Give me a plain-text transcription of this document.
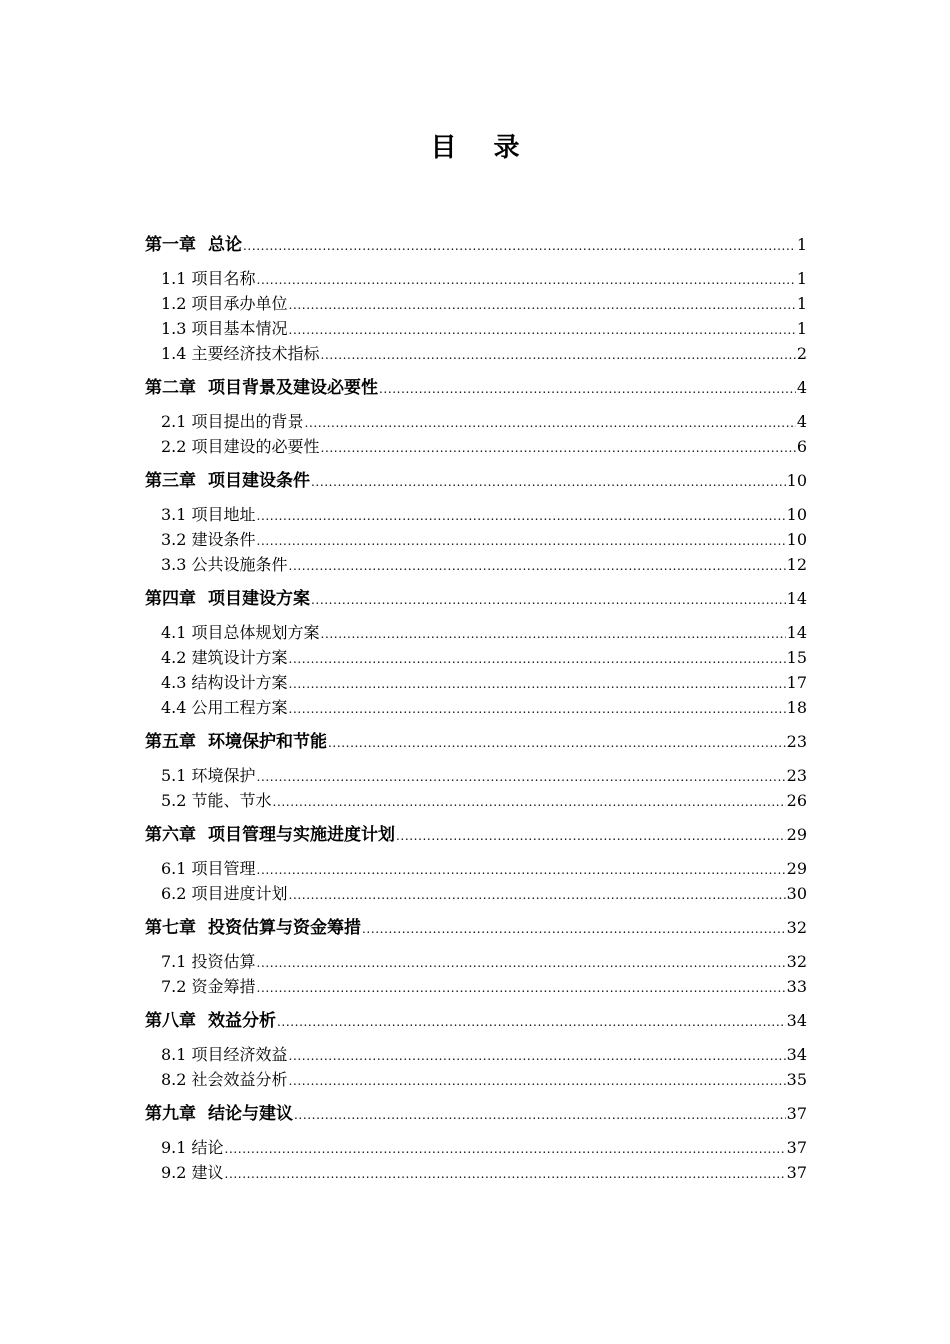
目 录
第一章 总论 .....	1
1.1 项目名称 .....	1
1.2 项目承办单位 .....	1
1.3 项目基本情况 .....	1
1.4 主要经济技术指标 .....	2
第二章 项目背景及建设必要性 .....	4
2.1 项目提出的背景 .....	4
2.2 项目建设的必要性 .....	6
第三章 项目建设条件 .....	10
3.1 项目地址 .....	10
3.2 建设条件 .....	10
3.3 公共设施条件 .....	12
第四章 项目建设方案 .....	14
4.1 项目总体规划方案 .....	14
4.2 建筑设计方案 .....	15
4.3 结构设计方案 .....	17
4.4 公用工程方案 .....	18
第五章 环境保护和节能 .....	23
5.1 环境保护 .....	23
5.2 节能、节水 .....	26
第六章 项目管理与实施进度计划 .....	29
6.1 项目管理 .....	29
6.2 项目进度计划 .....	30
第七章 投资估算与资金筹措 .....	32
7.1 投资估算 .....	32
7.2 资金筹措 .....	33
第八章 效益分析 .....	34
8.1 项目经济效益 .....	34
8.2 社会效益分析 .....	35
第九章 结论与建议 .....	37
9.1 结论 .....	37
9.2 建议 .....	37
